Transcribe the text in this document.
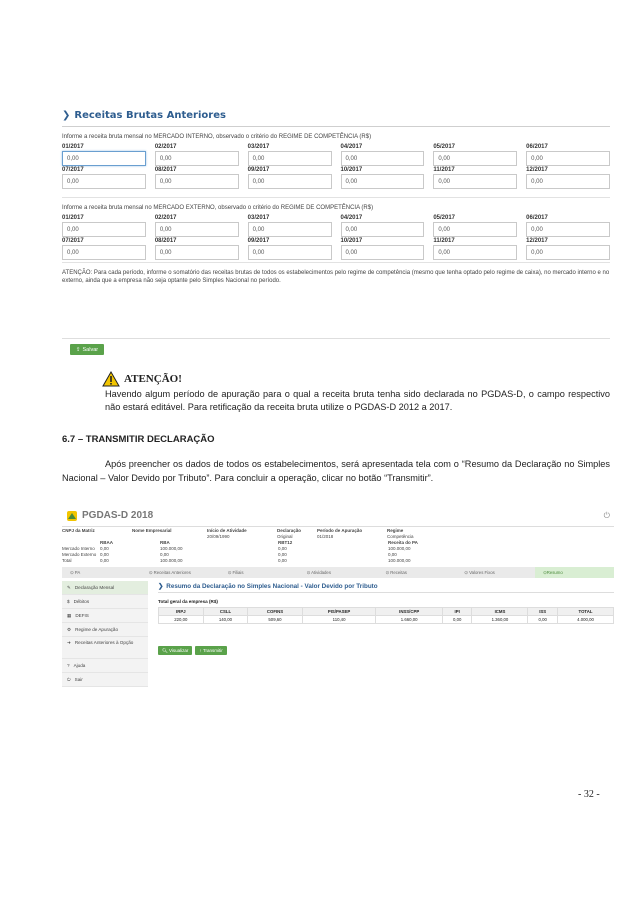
❯ Receitas Brutas Anteriores
Informe a receita bruta mensal no MERCADO INTERNO, observado o critério do REGIME DE COMPETÊNCIA (R$)
01/2017
0,00
02/2017
0,00
03/2017
0,00
04/2017
0,00
05/2017
0,00
06/2017
0,00
07/2017
0,00
08/2017
0,00
09/2017
0,00
10/2017
0,00
11/2017
0,00
12/2017
0,00
Informe a receita bruta mensal no MERCADO EXTERNO, observado o critério do REGIME DE COMPETÊNCIA (R$)
01/2017
0,00
02/2017
0,00
03/2017
0,00
04/2017
0,00
05/2017
0,00
06/2017
0,00
07/2017
0,00
08/2017
0,00
09/2017
0,00
10/2017
0,00
11/2017
0,00
12/2017
0,00
ATENÇÃO: Para cada período, informe o somatório das receitas brutas de todos os estabelecimentos pelo regime de competência (mesmo que tenha optado pelo regime de caixa), no mercado interno e no externo, ainda que a empresa não seja optante pelo Simples Nacional no período.
⇪ Salvar
ATENÇÃO!
Havendo algum período de apuração para o qual a receita bruta tenha sido declarada no PGDAS-D, o campo respectivo não estará editável. Para retificação da receita bruta utilize o PGDAS-D 2012 a 2017.
6.7 – TRANSMITIR DECLARAÇÃO
Após preencher os dados de todos os estabelecimentos, será apresentada tela com o “Resumo da Declaração no Simples Nacional – Valor Devido por Tributo”. Para concluir a operação, clicar no botão “Transmitir”.
PGDAS-D 2018	⏻
CNPJ da Matriz	Nome Empresarial	Início de Atividade	Declaração	Período de Apuração	Regime
20/09/1990	Original	01/2018	Competência
RBAA	RBA	RBT12	Receita do PA
Mercado Interno	0,00	100.000,00	0,00	100.000,00
Mercado Externo 0,00	0,00	0,00	0,00
Total	0,00	100.000,00	0,00	100.000,00
⊙ PA	⊙ Receitas Anteriores	⊙ Filiais	⊙ Atividades	⊙ Receitas	⊙ Valores Fixos	⊙ Resumo
✎ Declaração Mensal
$ Débitos
▦ DEFIS
⚙ Regime de Apuração
➜ Receitas Anteriores à Opção
? Ajuda
⏻ Sair
❯ Resumo da Declaração no Simples Nacional - Valor Devido por Tributo
Total geral da empresa (R$)
IRPJ	CSLL	COFINS	PIS/PASEP	INSS/CPP	IPI	ICMS	ISS	TOTAL
220,00	140,00	509,60	110,40	1.660,00	0,00	1.360,00	0,00	4.000,00
🔍︎
Visualizar ↑
Transmitir
- 32 -
